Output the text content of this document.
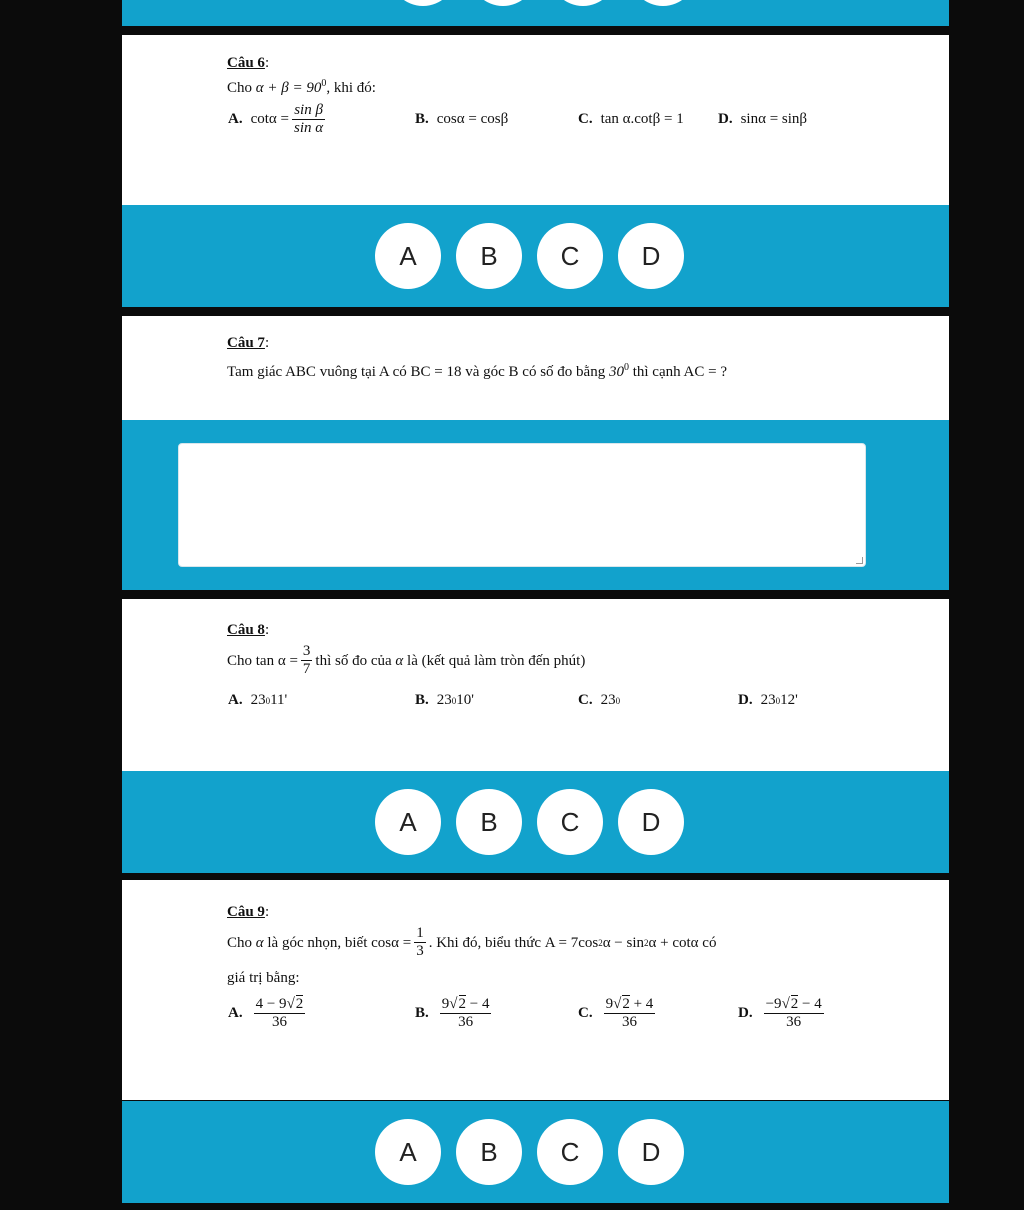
Câu 6:
Cho $\alpha + \beta = 90^0$, khi đó:
A. $\cot\alpha = \frac{\text{sin β}}{\text{sin α}}$	B. cosα = cosβ	C. tan α.cotβ = 1 D. sinα = sinβ
A	B	C	D
Câu 7:
Tam giác ABC vuông tại A có BC = 18 và góc B có số đo bằng $30^0$ thì cạnh AC = ?
Câu 8:
Cho
$\tan \alpha = \frac{3}{7}$ thì số đo của
α
là (kết quả làm tròn đến phút)
A. 23 0 11'	B. 23 0 10'	C. 23 0	D. 23 0 12'
A	B	C	D
Câu 9:
Cho
α
là góc nhọn, biết
$\cos\alpha = \frac{1}{3}$ . Khi đó, biểu thức
A = 7cos 2 α − sin 2 α + cotα
có
giá trị bằng:
A. $\frac{4 - 9√2}{36}$	B. $\frac{9√2 - 4}{36}$	C. $\frac{9√2 + 4}{36}$	D. $\frac{-9√2 - 4}{36}$
A	B	C	D
